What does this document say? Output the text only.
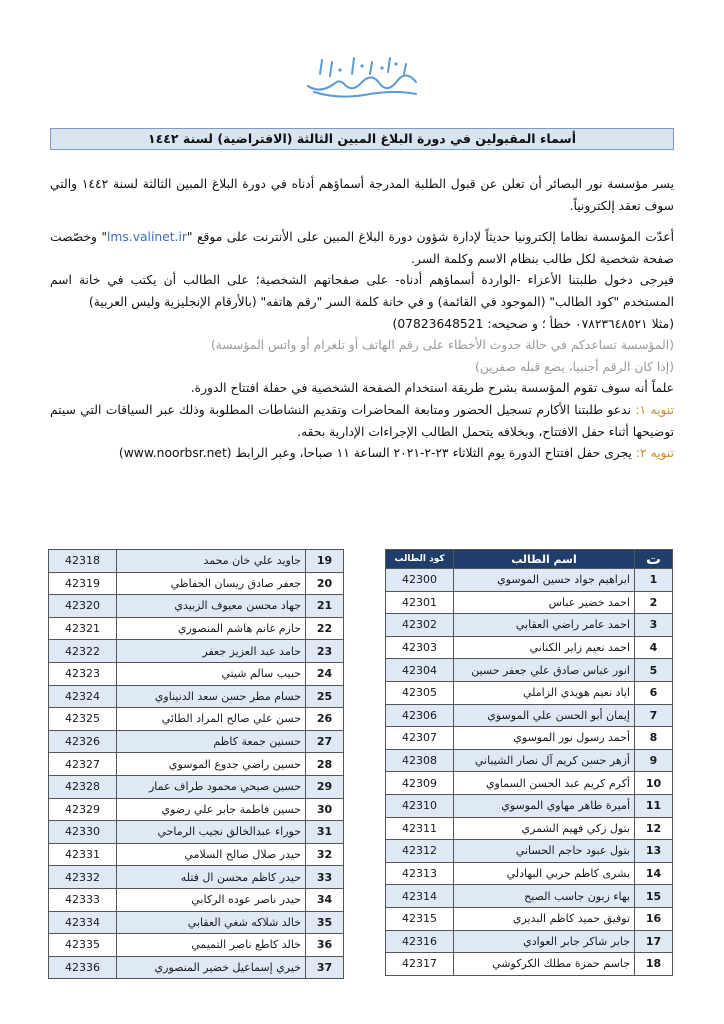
أسماء المقبولين في دورة البلاغ المبين الثالثة (الافتراضية) لسنة ١٤٤٢

يسر مؤسسة نور البصائر أن تعلن عن قبول الطلبة المدرجة أسماؤهم أدناه في دورة البلاغ المبين الثالثة لسنة ١٤٤٢ والتي سوف تعقد إلكترونياً.

أعدّت المؤسسة نظاما إلكترونيا حديثاً لإدارة شؤون دورة البلاغ المبين على الأنترنت على موقع "lms.valinet.ir" وخصّصت صفحة شخصية لكل طالب بنظام الاسم وكلمة السر.

فيرجى دخول طلبتنا الأعزاء -الواردة أسماؤهم أدناه- على صفحاتهم الشخصية؛ على الطالب أن يكتب في خانة اسم المستخدم "كود الطالب" (الموجود في القائمة) و في خانة كلمة السر "رقم هاتفه" (بالأرقام الإنجليزية وليس العربية)

(مثلا ٠٧٨٢٣٦٤٨٥٢١ خطأ ؛ و صحيحه: 07823648521)

(المؤسسة تساعدكم في حالة حدوث الأخطاء على رقم الهاتف أو تلغرام أو واتس المؤسسة)

(إذا كان الرقم أجنبيا، يضع قبله صفرين)

علماً أنه سوف تقوم المؤسسة بشرح طريقة استخدام الصفحة الشخصية في حفلة افتتاح الدورة.

تنويه ۱: ندعو طلبتنا الأكارم تسجيل الحضور ومتابعة المحاضرات وتقديم النشاطات المطلوبة وذلك عبر السياقات التي سيتم توضيحها أثناء حفل الافتتاح، وبخلافه يتحمل الطالب الإجراءات الإدارية بحقه.

تنويه ۲: يجرى حفل افتتاح الدورة يوم الثلاثاء ٢٣-٢-٢٠٢١ الساعة ١١ صباحا، وعبر الرابط (www.noorbsr.net)

ت	اسم الطالب	كود الطالب
1	ابراهيم جواد حسين الموسوي	42300
2	احمد خضير عباس	42301
3	احمد عامر راضي العقابي	42302
4	احمد نعيم زاير الكناني	42303
5	انور عباس صادق علي جعفر حسين	42304
6	اياد نعيم هويدي الزاملي	42305
7	إيمان أبو الحسن علي الموسوي	42306
8	أحمد رسول نور الموسوي	42307
9	أزهر حسن كريم آل نصار الشيباني	42308
10	أكرم كريم عبد الحسن السماوي	42309
11	أميرة طاهر مهاوي الموسوي	42310
12	بتول زكي فهيم الشمري	42311
13	بتول عبود حاجم الحساني	42312
14	بشرى كاظم حربي البهادلي	42313
15	بهاء زبون جاسب الصبح	42314
16	توفيق حميد كاظم البديري	42315
17	جابر شاكر جابر العوادي	42316
18	جاسم حمزة مطلك الكركوشي	42317
19	جاويد علي خان محمد	42318
20	جعفر صادق ريسان الحفاظي	42319
21	جهاد محسن معيوف الزبيدي	42320
22	حازم غانم هاشم المنصوري	42321
23	حامد عبد العزيز جعفر	42322
24	حبيب سالم شيتي	42323
25	حسام مطر حسن سعد الدنيناوي	42324
26	حسن علي صالح المراد الطائي	42325
27	حسنين جمعة كاظم	42326
28	حسين راضي جدوع الموسوي	42327
29	حسين صبحي محمود طراف عمار	42328
30	حسين فاطمة جابر علي رضوي	42329
31	حوراء عبدالخالق نجيب الرماحي	42330
32	حيدر صلال صالح السلامي	42331
33	حيدر كاظم محسن ال فتله	42332
34	حيدر ناصر عوده الركابي	42333
35	خالد شلاكه شغي العقابي	42334
36	خالد كاطع ناصر التميمي	42335
37	خيري إسماعيل خضير المنصوري	42336
